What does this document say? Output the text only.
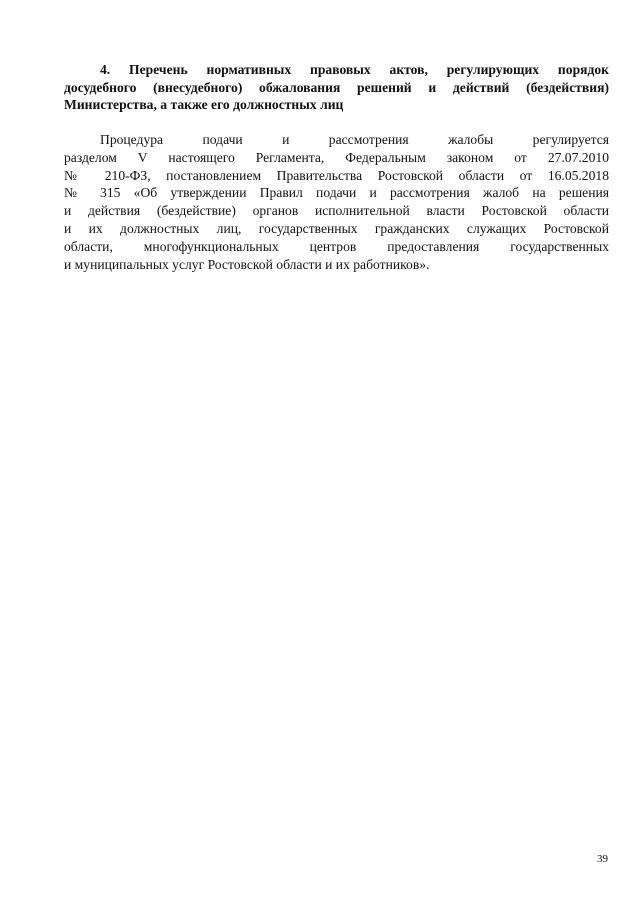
4. Перечень нормативных правовых актов, регулирующих порядок
досудебного (внесудебного) обжалования решений и действий (бездействия)
Министерства, а также его должностных лиц

Процедура подачи и рассмотрения жалобы регулируется
разделом V настоящего Регламента, Федеральным законом от 27.07.2010
№ 210-ФЗ, постановлением Правительства Ростовской области от 16.05.2018
№ 315 «Об утверждении Правил подачи и рассмотрения жалоб на решения
и действия (бездействие) органов исполнительной власти Ростовской области
и их должностных лиц, государственных гражданских служащих Ростовской
области, многофункциональных центров предоставления государственных
и муниципальных услуг Ростовской области и их работников».

39
